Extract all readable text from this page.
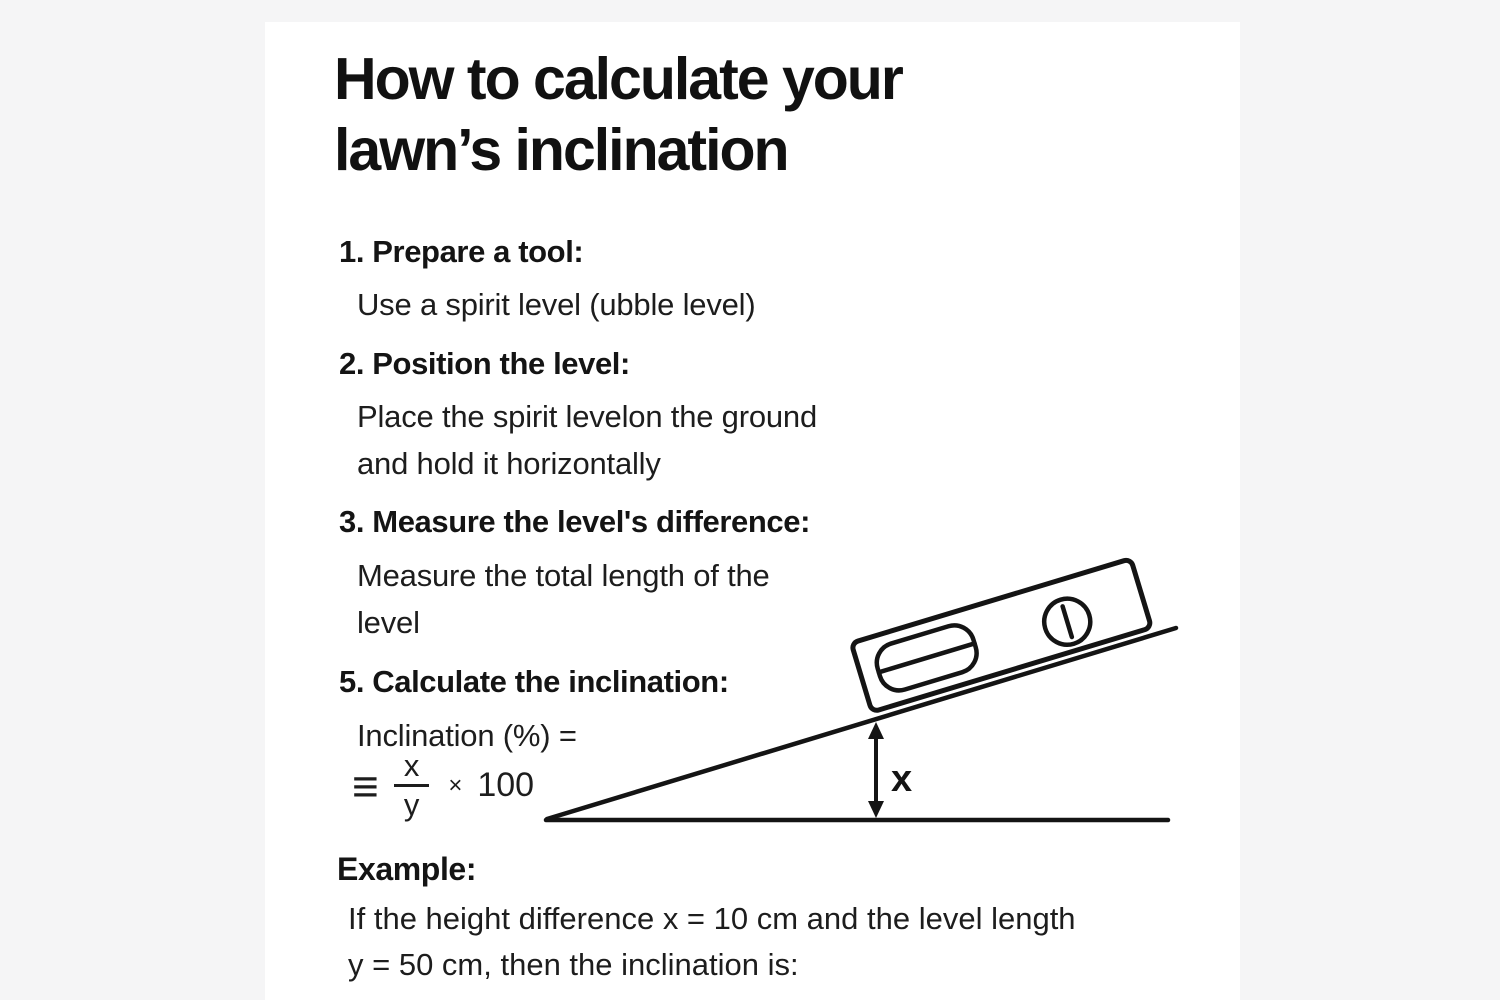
How to calculate your
lawn’s inclination
1. Prepare a tool:
Use a spirit level (ubble level)
2. Position the level:
Place the spirit levelon the ground
and hold it horizontally
3. Measure the level's difference:
Measure the total length of the
level
5. Calculate the inclination:
Inclination (%) =
≡ $\frac{x}{y} \times 100$
Example:
If the height difference x = 10 cm and the level length
y = 50 cm, then the inclination is:
x
